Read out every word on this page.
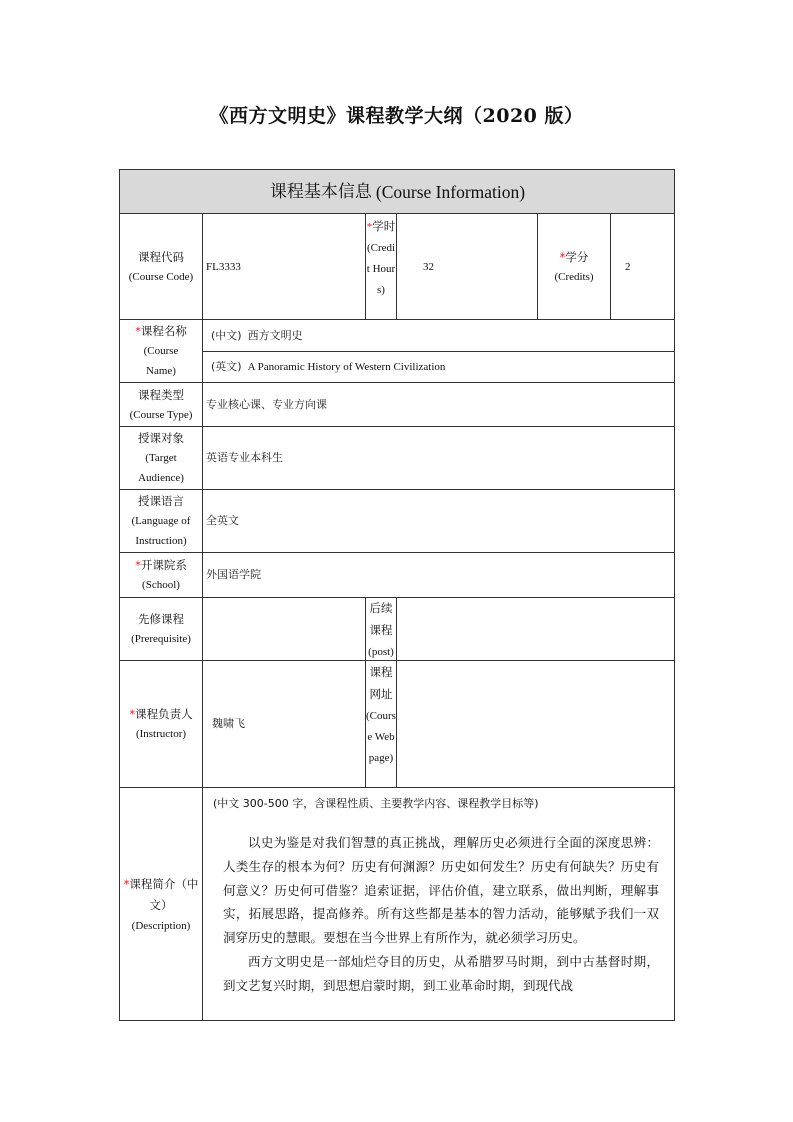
《西方文明史》课程教学大纲（2020 版）
课程基本信息 (Course Information)
课程代码
(Course Code)
FL3333
*学时
(Credit Hours)
32
*学分
(Credits)
2
*课程名称
(Course
Name)
(中文) 西方文明史
(英文) A Panoramic History of Western Civilization
课程类型
(Course Type)
专业核心课、专业方向课
授课对象
(Target
Audience)
英语专业本科生
授课语言
(Language of
Instruction)
全英文
*开课院系
(School)
外国语学院
先修课程
(Prerequisite)
后续课程
(post)
*课程负责人
(Instructor)
魏啸飞
课程网址
(Course Webpage)
*课程简介（中文）
(Description)
(中文 300-500 字，含课程性质、主要教学内容、课程教学目标等)

以史为鉴是对我们智慧的真正挑战，理解历史必须进行全面的深度思辨：人类生存的根本为何？历史有何渊源？历史如何发生？历史有何缺失？历史有何意义？历史何可借鉴？追索证据，评估价值，建立联系，做出判断，理解事实，拓展思路，提高修养。所有这些都是基本的智力活动，能够赋予我们一双洞穿历史的慧眼。要想在当今世界上有所作为，就必须学习历史。

西方文明史是一部灿烂夺目的历史，从希腊罗马时期，到中古基督时期，到文艺复兴时期，到思想启蒙时期，到工业革命时期，到现代战
